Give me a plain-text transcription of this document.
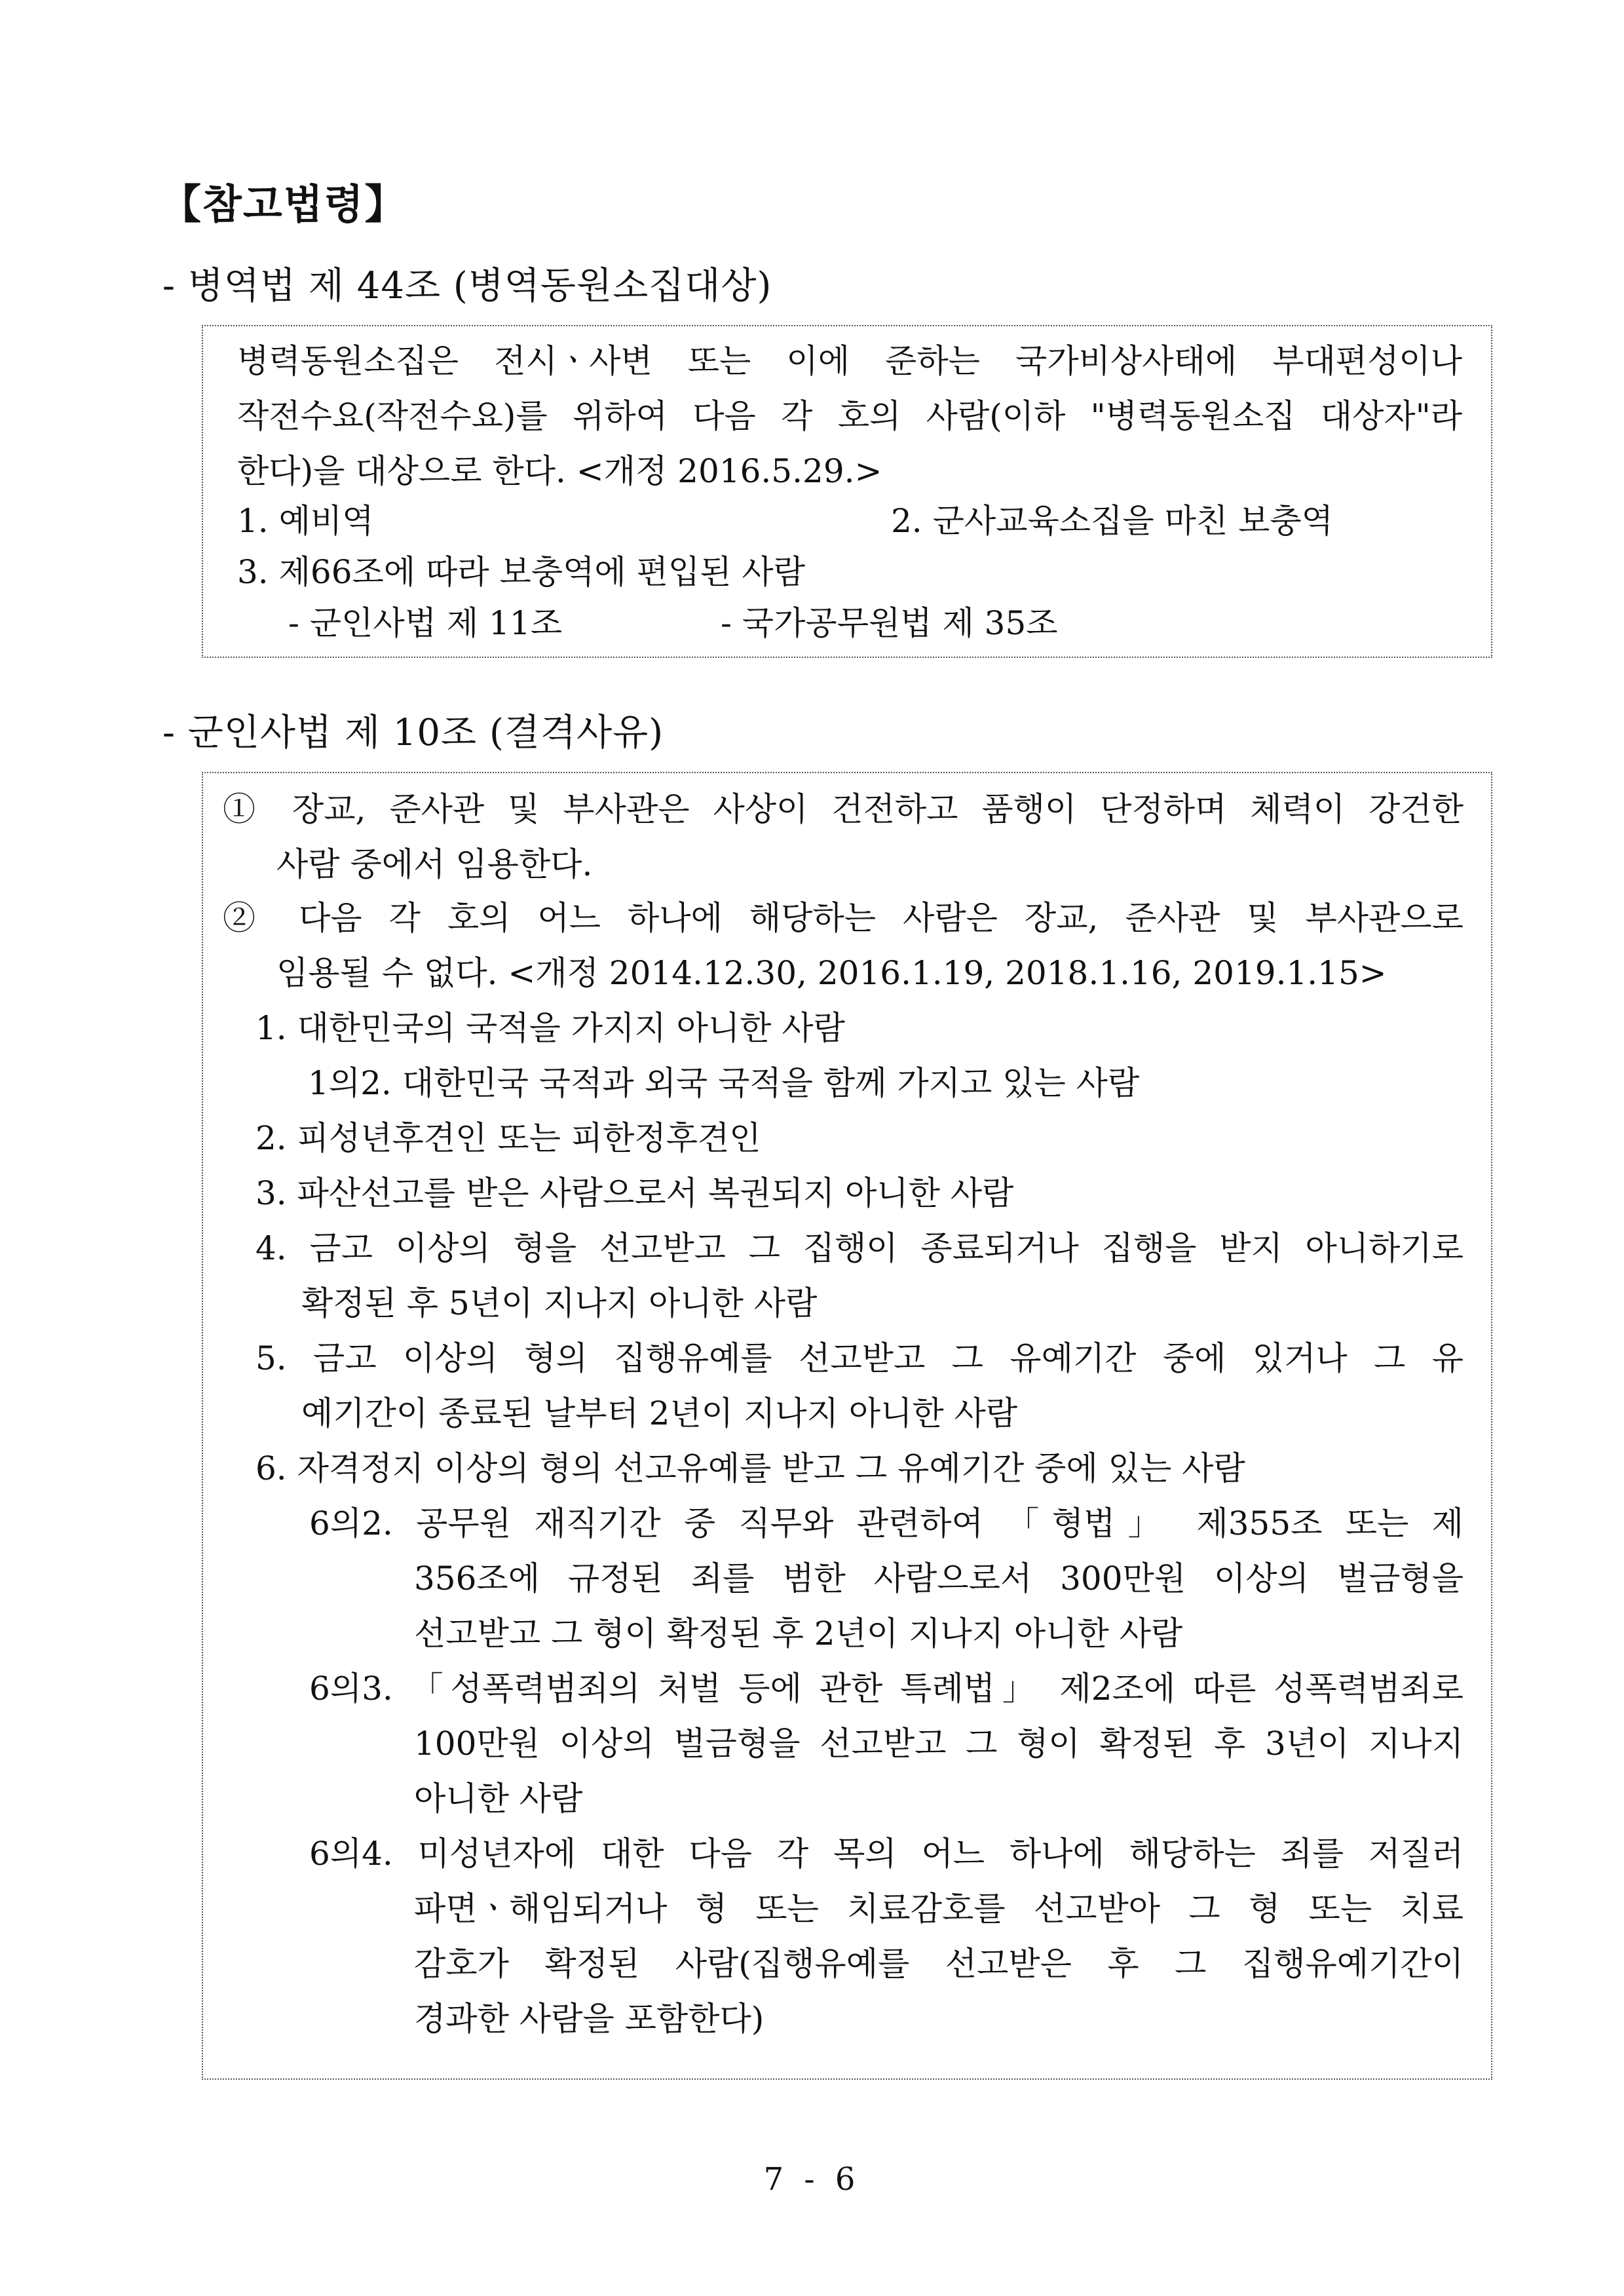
【참고법령】
- 병역법 제 44조 (병역동원소집대상)
병력동원소집은 전시ㆍ사변 또는 이에 준하는 국가비상사태에 부대편성이나
작전수요(작전수요)를 위하여 다음 각 호의 사람(이하 "병력동원소집 대상자"라
한다)을 대상으로 한다. <개정 2016.5.29.>
1. 예비역	2. 군사교육소집을 마친 보충역
3. 제66조에 따라 보충역에 편입된 사람
- 군인사법 제 11조	- 국가공무원법 제 35조
- 군인사법 제 10조 (결격사유)
① 장교, 준사관 및 부사관은 사상이 건전하고 품행이 단정하며 체력이 강건한
사람 중에서 임용한다.
② 다음 각 호의 어느 하나에 해당하는 사람은 장교, 준사관 및 부사관으로
임용될 수 없다. <개정 2014.12.30, 2016.1.19, 2018.1.16, 2019.1.15>
1. 대한민국의 국적을 가지지 아니한 사람
1의2. 대한민국 국적과 외국 국적을 함께 가지고 있는 사람
2. 피성년후견인 또는 피한정후견인
3. 파산선고를 받은 사람으로서 복권되지 아니한 사람
4. 금고 이상의 형을 선고받고 그 집행이 종료되거나 집행을 받지 아니하기로
확정된 후 5년이 지나지 아니한 사람
5. 금고 이상의 형의 집행유예를 선고받고 그 유예기간 중에 있거나 그 유
예기간이 종료된 날부터 2년이 지나지 아니한 사람
6. 자격정지 이상의 형의 선고유예를 받고 그 유예기간 중에 있는 사람
6의2. 공무원 재직기간 중 직무와 관련하여 「형법」 제355조 또는 제
356조에 규정된 죄를 범한 사람으로서 300만원 이상의 벌금형을
선고받고 그 형이 확정된 후 2년이 지나지 아니한 사람
6의3. 「성폭력범죄의 처벌 등에 관한 특례법」 제2조에 따른 성폭력범죄로
100만원 이상의 벌금형을 선고받고 그 형이 확정된 후 3년이 지나지
아니한 사람
6의4. 미성년자에 대한 다음 각 목의 어느 하나에 해당하는 죄를 저질러
파면ㆍ해임되거나 형 또는 치료감호를 선고받아 그 형 또는 치료
감호가 확정된 사람(집행유예를 선고받은 후 그 집행유예기간이
경과한 사람을 포함한다)
7 - 6
